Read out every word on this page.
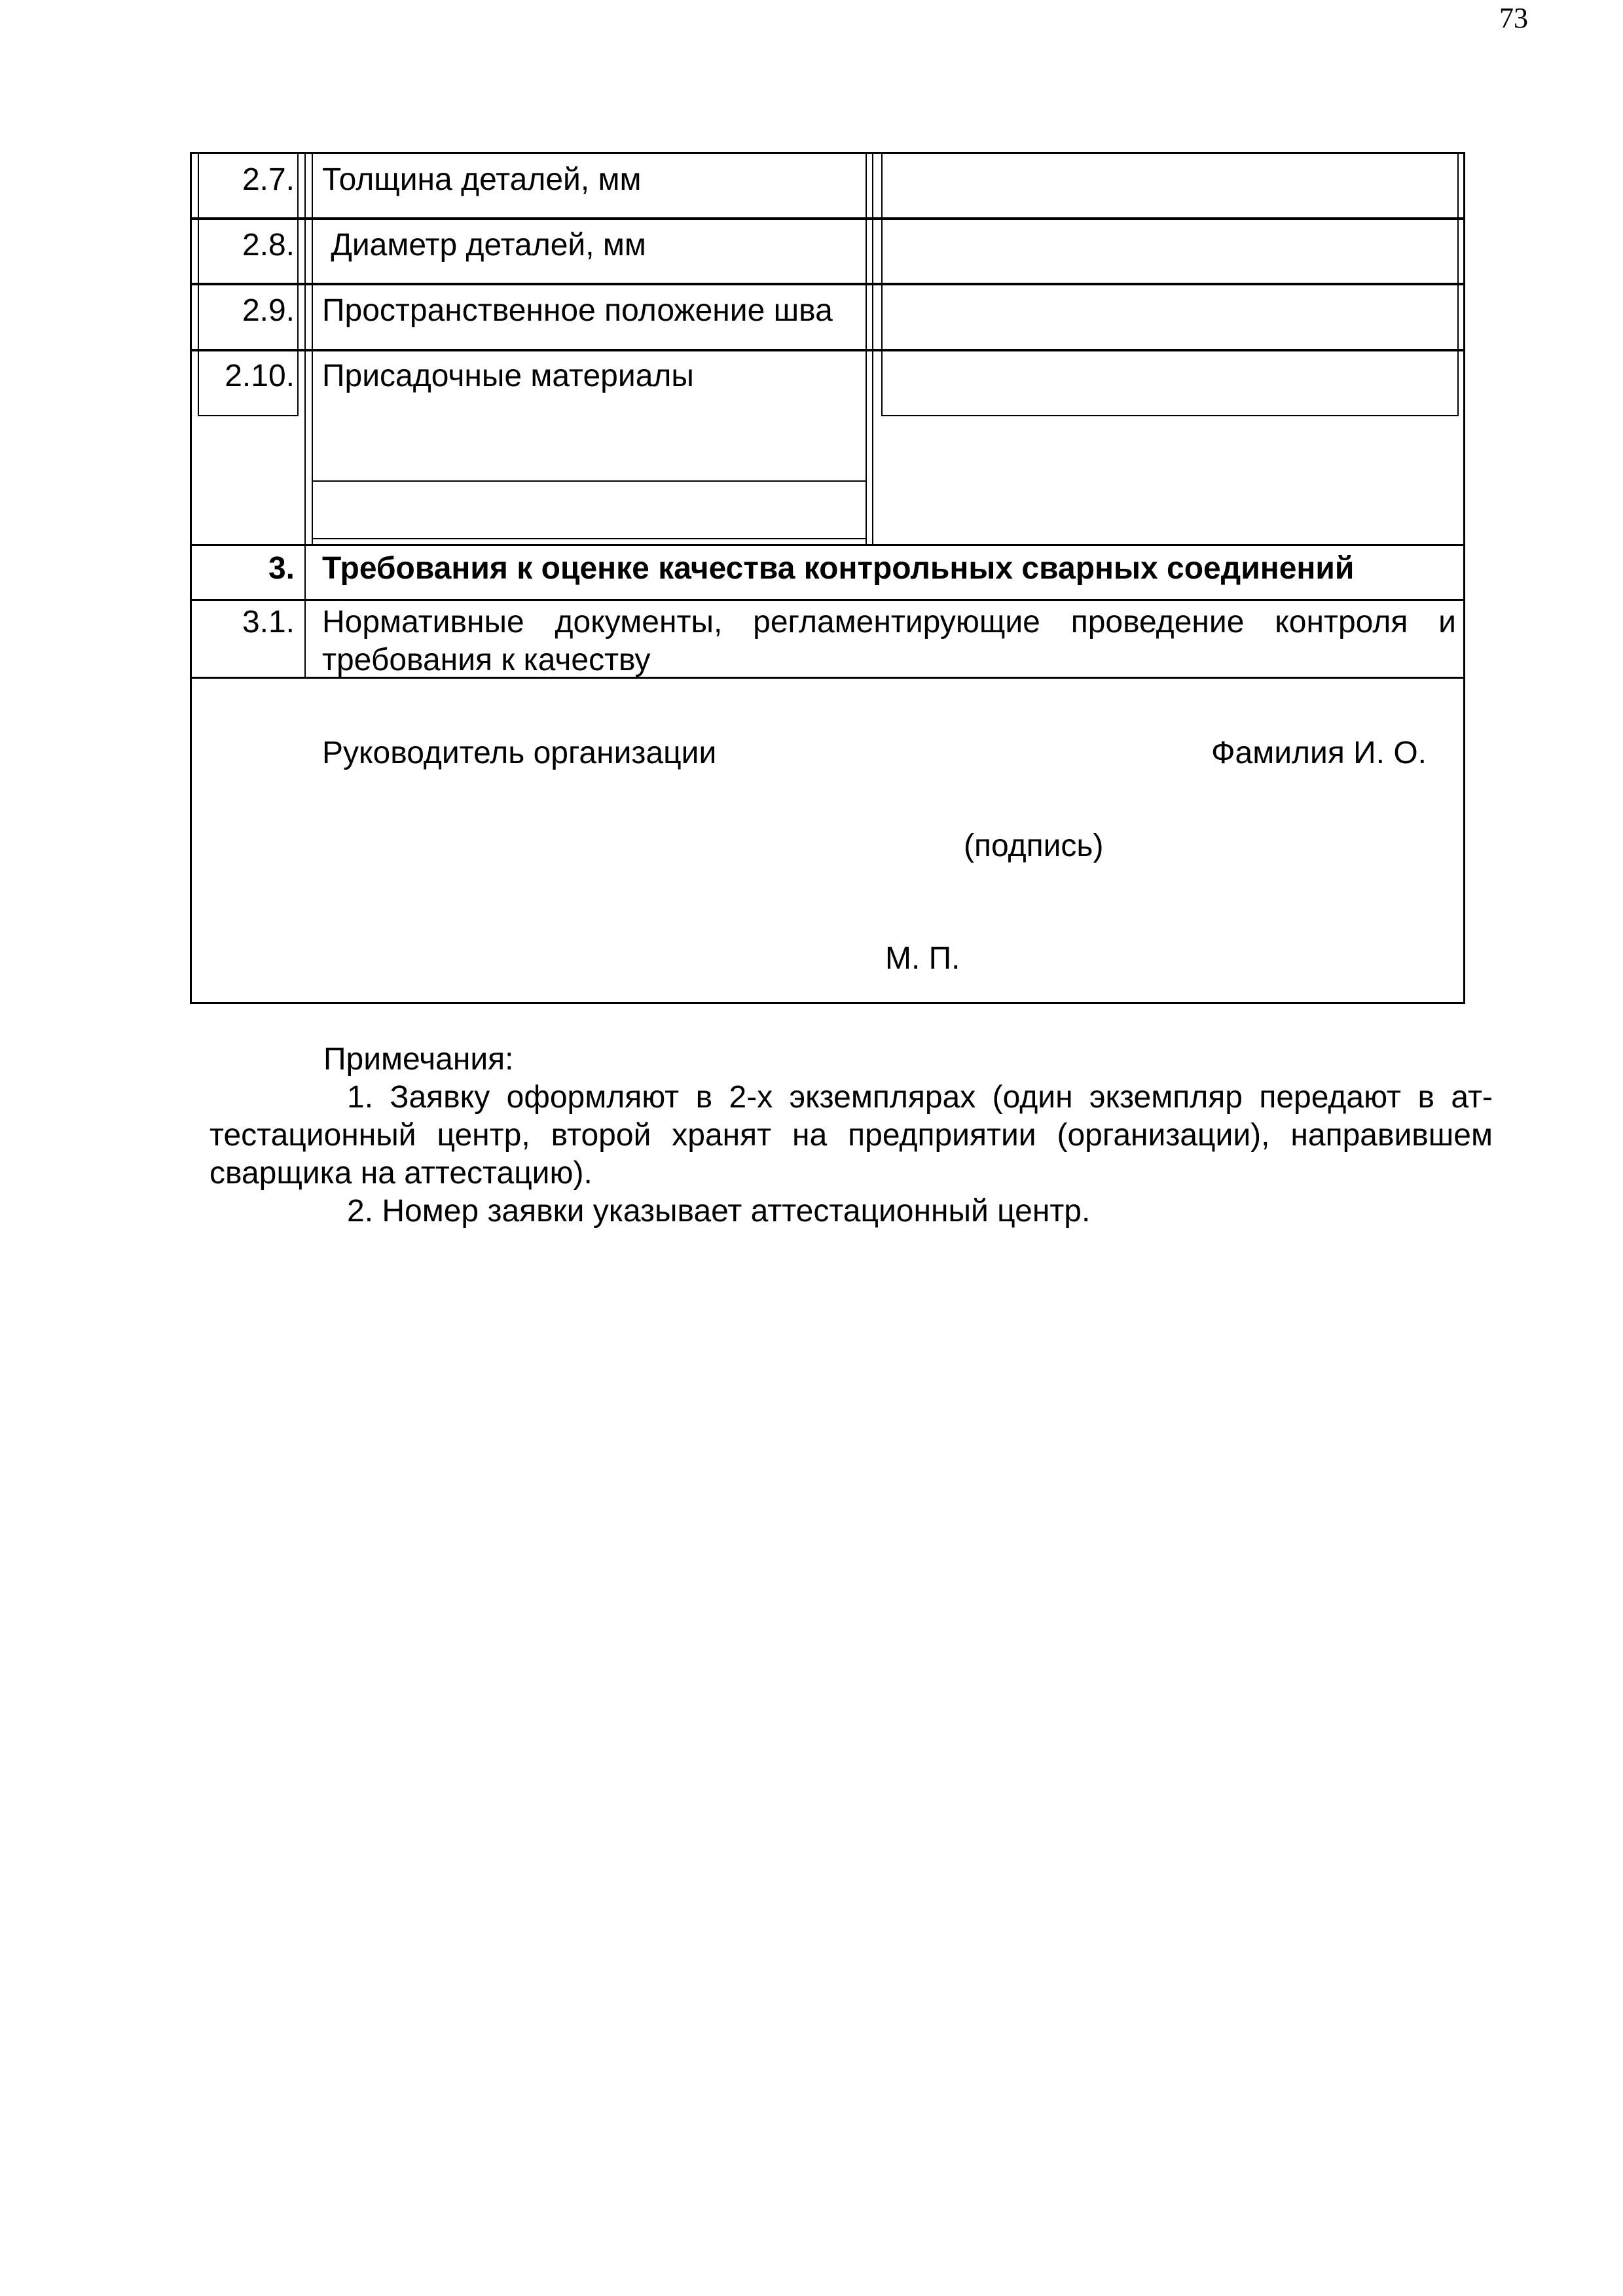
73
2.7. Толщина деталей, мм
2.8. Диаметр деталей, мм
2.9. Пространственное положение шва
2.10. Присадочные материалы
3. Требования к оценке качества контрольных сварных соединений
3.1. Нормативные документы, регламентирующие проведение контроля и
требования к качеству
Руководитель организации	Фамилия И. О.
(подпись)
М. П.

Примечания:

1. Заявку оформляют в 2-х экземплярах (один экземпляр передают в аттестационный центр, второй хранят на предприятии (организации), направившем сварщика на аттестацию).

2. Номер заявки указывает аттестационный центр.
